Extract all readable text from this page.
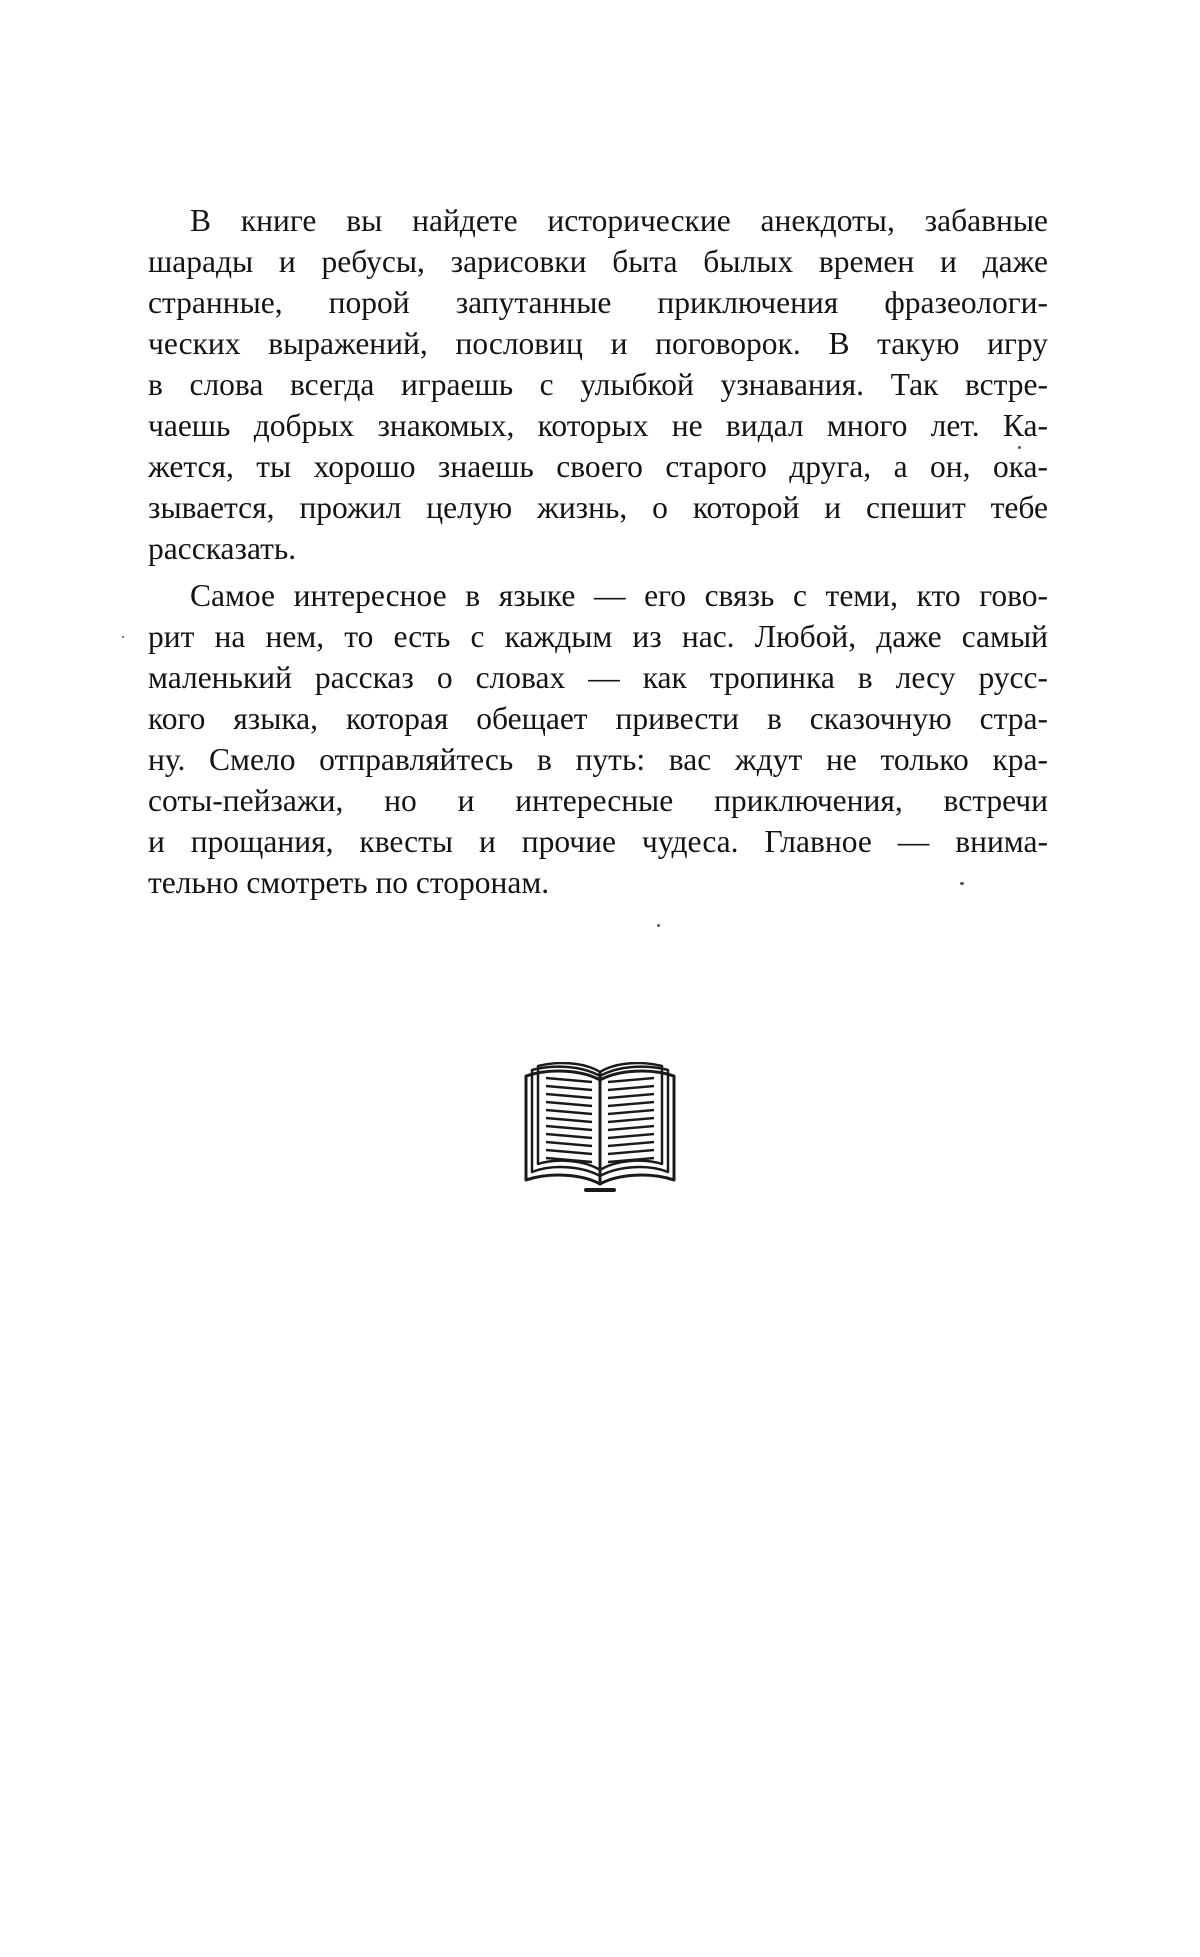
В книге вы найдете исторические анекдоты, забавные
шарады и ребусы, зарисовки быта былых времен и даже
странные, порой запутанные приключения фразеологи-
ческих выражений, пословиц и поговорок. В такую игру
в слова всегда играешь с улыбкой узнавания. Так встре-
чаешь добрых знакомых, которых не видал много лет. Ка-
жется, ты хорошо знаешь своего старого друга, а он, ока-
зывается, прожил целую жизнь, о которой и спешит тебе
рассказать.
Самое интересное в языке — его связь с теми, кто гово-
рит на нем, то есть с каждым из нас. Любой, даже самый
маленький рассказ о словах — как тропинка в лесу русс-
кого языка, которая обещает привести в сказочную стра-
ну. Смело отправляйтесь в путь: вас ждут не только кра-
соты-пейзажи, но и интересные приключения, встречи
и прощания, квесты и прочие чудеса. Главное — внима-
тельно смотреть по сторонам.
